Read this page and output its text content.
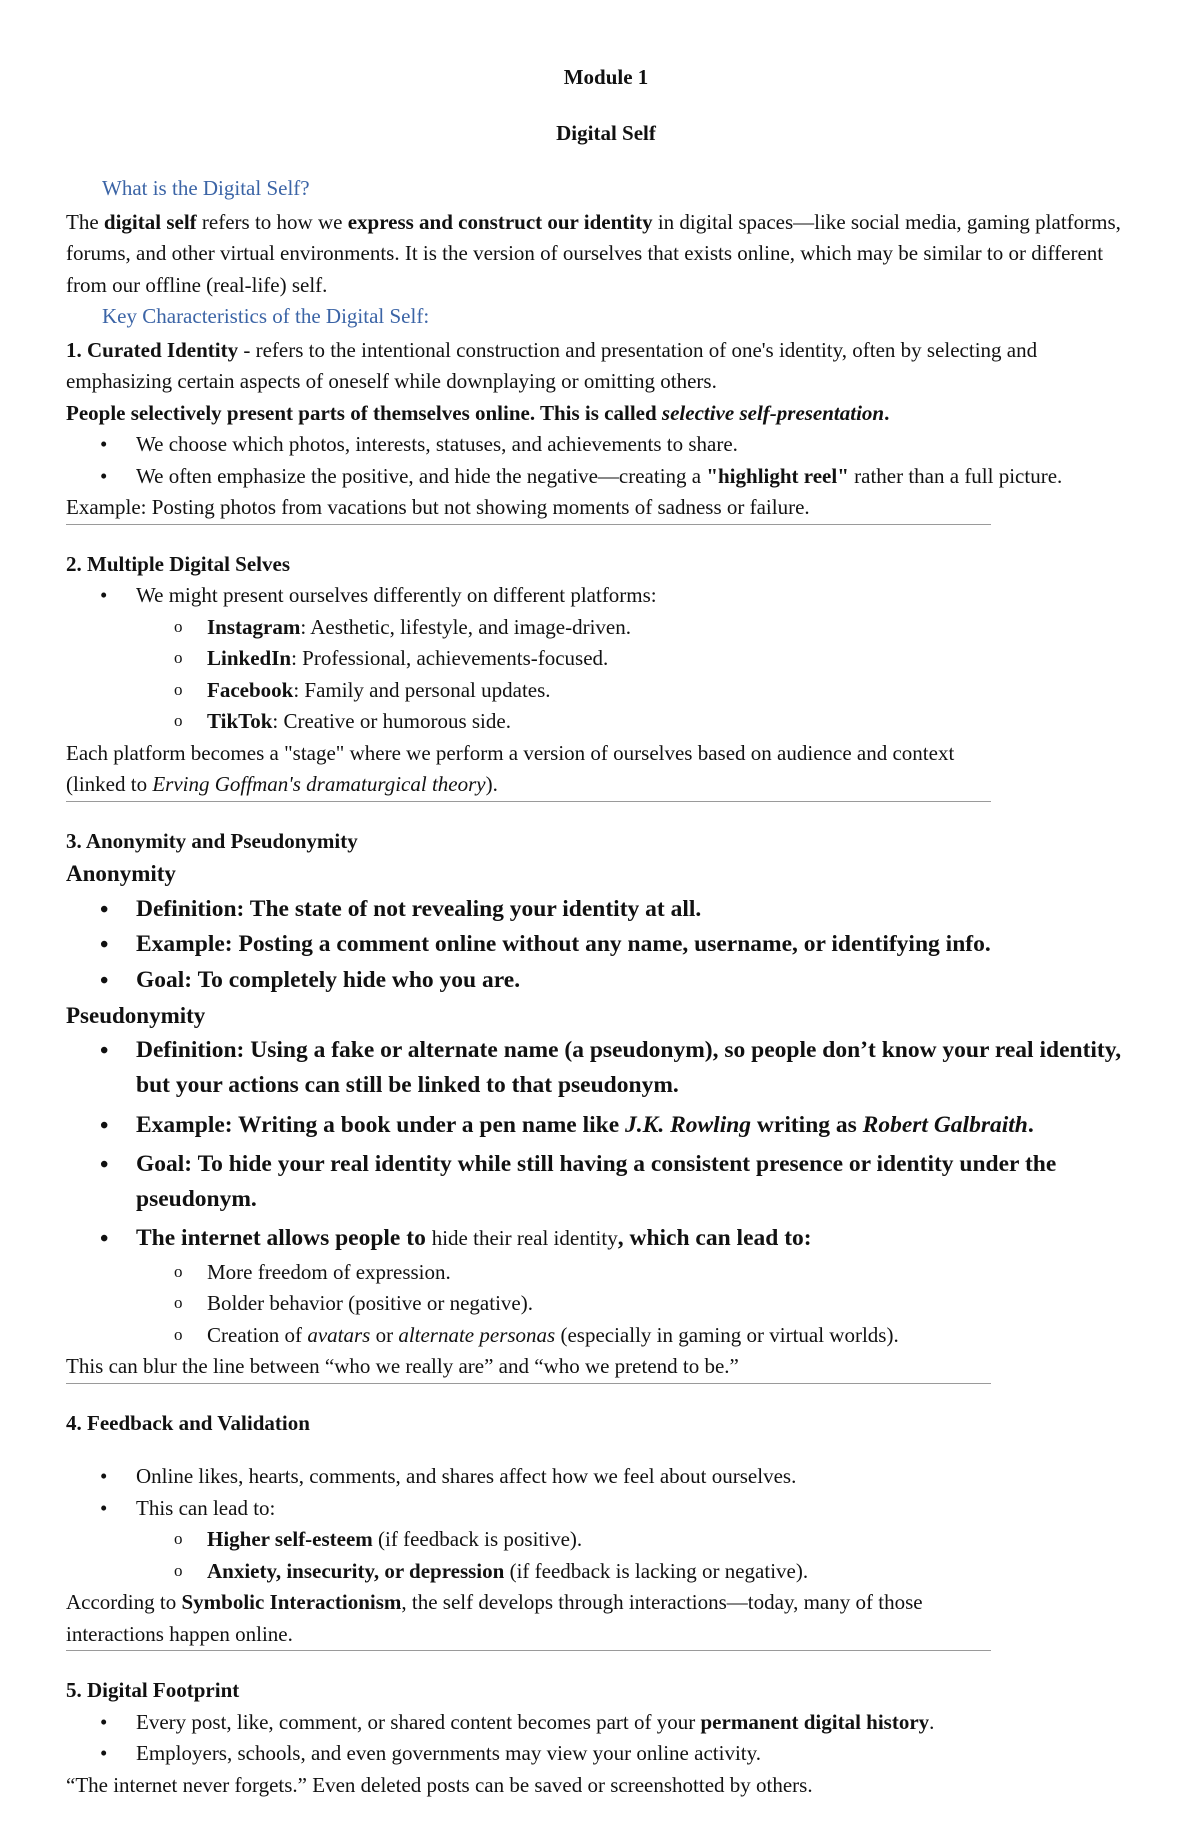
Module 1

Digital Self

What is the Digital Self?

The digital self refers to how we express and construct our identity in digital spaces—like social media, gaming platforms, forums, and other virtual environments. It is the version of ourselves that exists online, which may be similar to or different from our offline (real-life) self.

Key Characteristics of the Digital Self:

1. Curated Identity - refers to the intentional construction and presentation of one's identity, often by selecting and emphasizing certain aspects of oneself while downplaying or omitting others.

People selectively present parts of themselves online. This is called selective self-presentation.

• We choose which photos, interests, statuses, and achievements to share.
• We often emphasize the positive, and hide the negative—creating a "highlight reel" rather than a full picture.

Example: Posting photos from vacations but not showing moments of sadness or failure.

2. Multiple Digital Selves

• We might present ourselves differently on different platforms:
o Instagram: Aesthetic, lifestyle, and image-driven.
o LinkedIn: Professional, achievements-focused.
o Facebook: Family and personal updates.
o TikTok: Creative or humorous side.

Each platform becomes a "stage" where we perform a version of ourselves based on audience and context (linked to Erving Goffman's dramaturgical theory).

3. Anonymity and Pseudonymity

Anonymity

• Definition: The state of not revealing your identity at all.
• Example: Posting a comment online without any name, username, or identifying info.
• Goal: To completely hide who you are.

Pseudonymity

• Definition: Using a fake or alternate name (a pseudonym), so people don’t know your real identity, but your actions can still be linked to that pseudonym.
• Example: Writing a book under a pen name like J.K. Rowling writing as Robert Galbraith.
• Goal: To hide your real identity while still having a consistent presence or identity under the pseudonym.
• The internet allows people to hide their real identity, which can lead to:
o More freedom of expression.
o Bolder behavior (positive or negative).
o Creation of avatars or alternate personas (especially in gaming or virtual worlds).

This can blur the line between “who we really are” and “who we pretend to be.”

4. Feedback and Validation

• Online likes, hearts, comments, and shares affect how we feel about ourselves.
• This can lead to:
o Higher self-esteem (if feedback is positive).
o Anxiety, insecurity, or depression (if feedback is lacking or negative).

According to Symbolic Interactionism, the self develops through interactions—today, many of those interactions happen online.

5. Digital Footprint

• Every post, like, comment, or shared content becomes part of your permanent digital history.
• Employers, schools, and even governments may view your online activity.

“The internet never forgets.” Even deleted posts can be saved or screenshotted by others.
